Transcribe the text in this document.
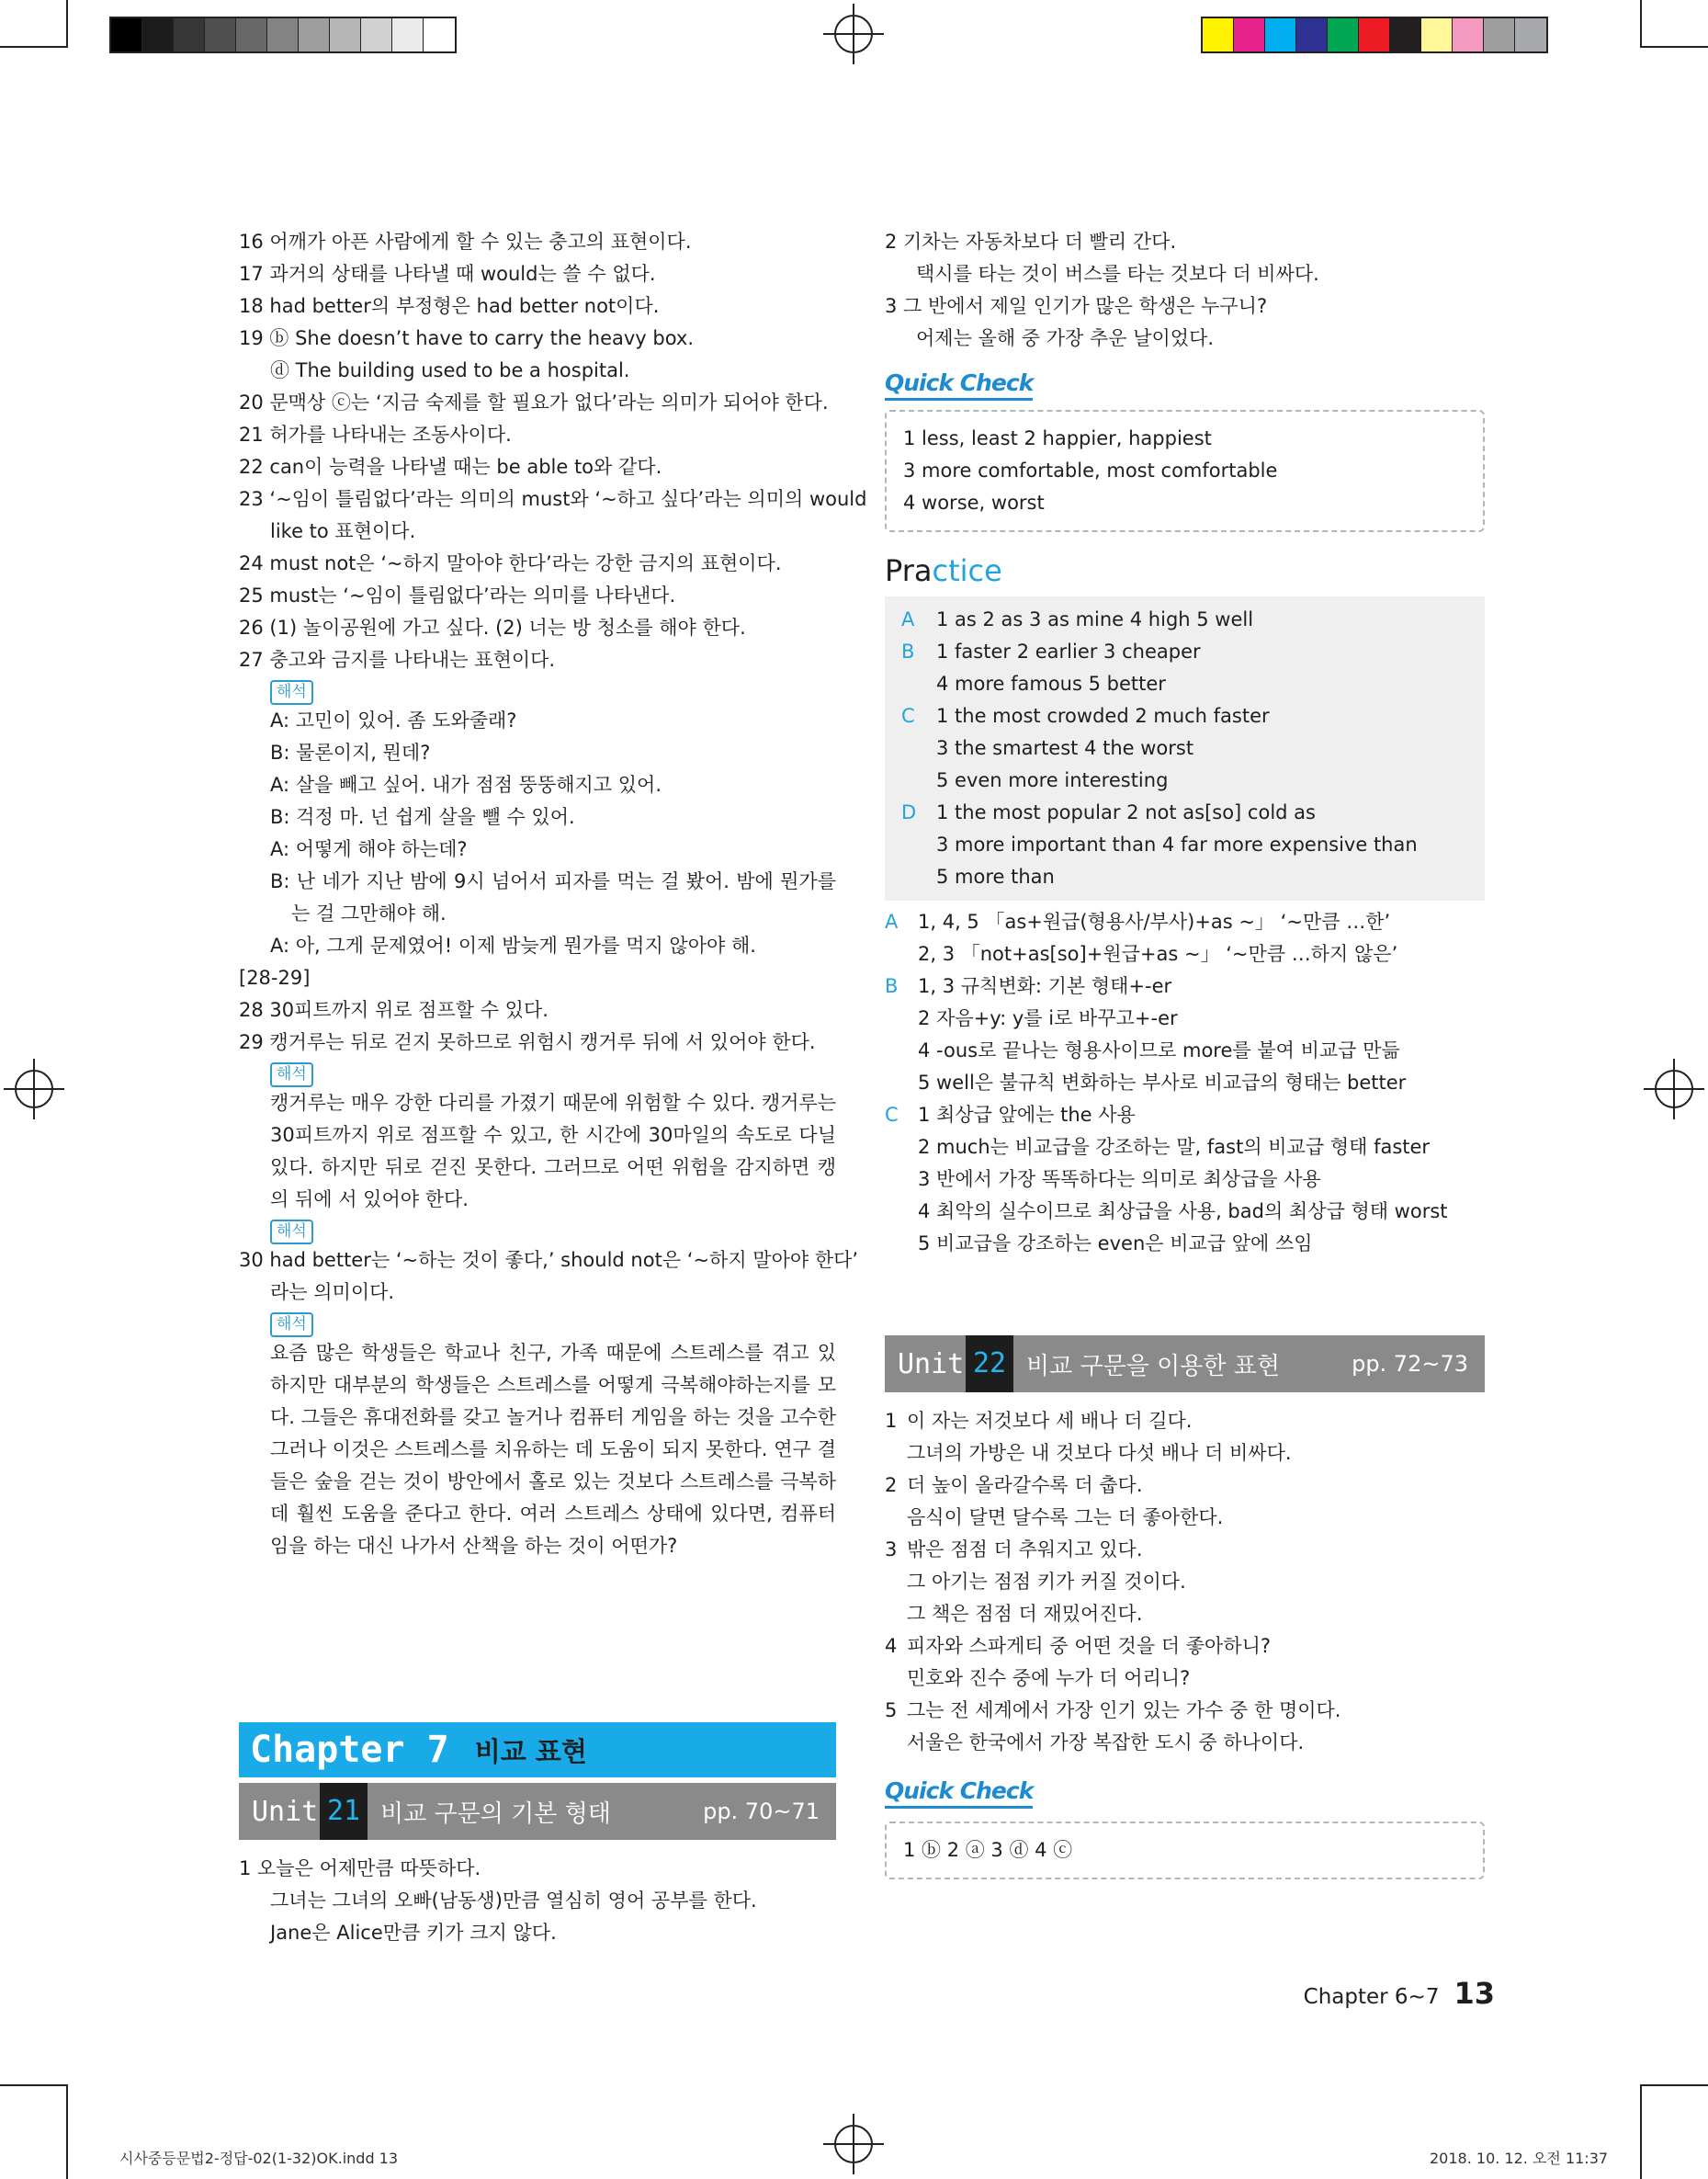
16 어깨가 아픈 사람에게 할 수 있는 충고의 표현이다.
17 과거의 상태를 나타낼 때 would는 쓸 수 없다.
18 had better의 부정형은 had better not이다.
19 ⓑ She doesn’t have to carry the heavy box.
ⓓ The building used to be a hospital.
20 문맥상 ⓒ는 ‘지금 숙제를 할 필요가 없다’라는 의미가 되어야 한다.
21 허가를 나타내는 조동사이다.
22 can이 능력을 나타낼 때는 be able to와 같다.
23 ‘~임이 틀림없다’라는 의미의 must와 ‘~하고 싶다’라는 의미의 would
like to 표현이다.
24 must not은 ‘~하지 말아야 한다’라는 강한 금지의 표현이다.
25 must는 ‘~임이 틀림없다’라는 의미를 나타낸다.
26 (1) 놀이공원에 가고 싶다. (2) 너는 방 청소를 해야 한다.
27 충고와 금지를 나타내는 표현이다.
해석
A: 고민이 있어. 좀 도와줄래?
B: 물론이지, 뭔데?
A: 살을 빼고 싶어. 내가 점점 뚱뚱해지고 있어.
B: 걱정 마. 넌 쉽게 살을 뺄 수 있어.
A: 어떻게 해야 하는데?
B: 난 네가 지난 밤에 9시 넘어서 피자를 먹는 걸 봤어. 밤에 뭔가를
는 걸 그만해야 해.
A: 아, 그게 문제였어! 이제 밤늦게 뭔가를 먹지 않아야 해.
[28-29]
28 30피트까지 위로 점프할 수 있다.
29 캥거루는 뒤로 걷지 못하므로 위험시 캥거루 뒤에 서 있어야 한다.
해석
캥거루는 매우 강한 다리를 가졌기 때문에 위험할 수 있다. 캥거루는
30피트까지 위로 점프할 수 있고, 한 시간에 30마일의 속도로 다닐
있다. 하지만 뒤로 걷진 못한다. 그러므로 어떤 위험을 감지하면 캥
의 뒤에 서 있어야 한다.
해석
30 had better는 ‘~하는 것이 좋다,’ should not은 ‘~하지 말아야 한다’
라는 의미이다.
해석
요즘 많은 학생들은 학교나 친구, 가족 때문에 스트레스를 겪고 있
하지만 대부분의 학생들은 스트레스를 어떻게 극복해야하는지를 모
다. 그들은 휴대전화를 갖고 놀거나 컴퓨터 게임을 하는 것을 고수한
그러나 이것은 스트레스를 치유하는 데 도움이 되지 못한다. 연구 결
들은 숲을 걷는 것이 방안에서 홀로 있는 것보다 스트레스를 극복하
데 훨씬 도움을 준다고 한다. 여러 스트레스 상태에 있다면, 컴퓨터
임을 하는 대신 나가서 산책을 하는 것이 어떤가?
Chapter 7 비교 표현
Unit 21 비교 구문의 기본 형태	pp. 70~71
1 오늘은 어제만큼 따뜻하다.
그녀는 그녀의 오빠(남동생)만큼 열심히 영어 공부를 한다.
Jane은 Alice만큼 키가 크지 않다.
2 기차는 자동차보다 더 빨리 간다.
택시를 타는 것이 버스를 타는 것보다 더 비싸다.
3 그 반에서 제일 인기가 많은 학생은 누구니?
어제는 올해 중 가장 추운 날이었다.
Quick Check
1 less, least 2 happier, happiest
3 more comfortable, most comfortable
4 worse, worst
Practice
A 1 as 2 as 3 as mine 4 high 5 well
B 1 faster 2 earlier 3 cheaper
4 more famous 5 better
C 1 the most crowded 2 much faster
3 the smartest 4 the worst
5 even more interesting
D 1 the most popular 2 not as[so] cold as
3 more important than 4 far more expensive than
5 more than
A 1, 4, 5 「as+원급(형용사/부사)+as ~」 ‘~만큼 …한’
2, 3 「not+as[so]+원급+as ~」 ‘~만큼 …하지 않은’
B 1, 3 규칙변화: 기본 형태+-er
2 자음+y: y를 i로 바꾸고+-er
4 -ous로 끝나는 형용사이므로 more를 붙여 비교급 만듦
5 well은 불규칙 변화하는 부사로 비교급의 형태는 better
C 1 최상급 앞에는 the 사용
2 much는 비교급을 강조하는 말, fast의 비교급 형태 faster
3 반에서 가장 똑똑하다는 의미로 최상급을 사용
4 최악의 실수이므로 최상급을 사용, bad의 최상급 형태 worst
5 비교급을 강조하는 even은 비교급 앞에 쓰임
Unit 22 비교 구문을 이용한 표현	pp. 72~73
1 이 자는 저것보다 세 배나 더 길다.
그녀의 가방은 내 것보다 다섯 배나 더 비싸다.
2 더 높이 올라갈수록 더 춥다.
음식이 달면 달수록 그는 더 좋아한다.
3 밖은 점점 더 추워지고 있다.
그 아기는 점점 키가 커질 것이다.
그 책은 점점 더 재밌어진다.
4 피자와 스파게티 중 어떤 것을 더 좋아하니?
민호와 진수 중에 누가 더 어리니?
5 그는 전 세계에서 가장 인기 있는 가수 중 한 명이다.
서울은 한국에서 가장 복잡한 도시 중 하나이다.
Quick Check
1 ⓑ 2 ⓐ 3 ⓓ 4 ⓒ
Chapter 6~7 13
시사중등문법2-정답-02(1-32)OK.indd 13	2018. 10. 12. 오전 11:37
